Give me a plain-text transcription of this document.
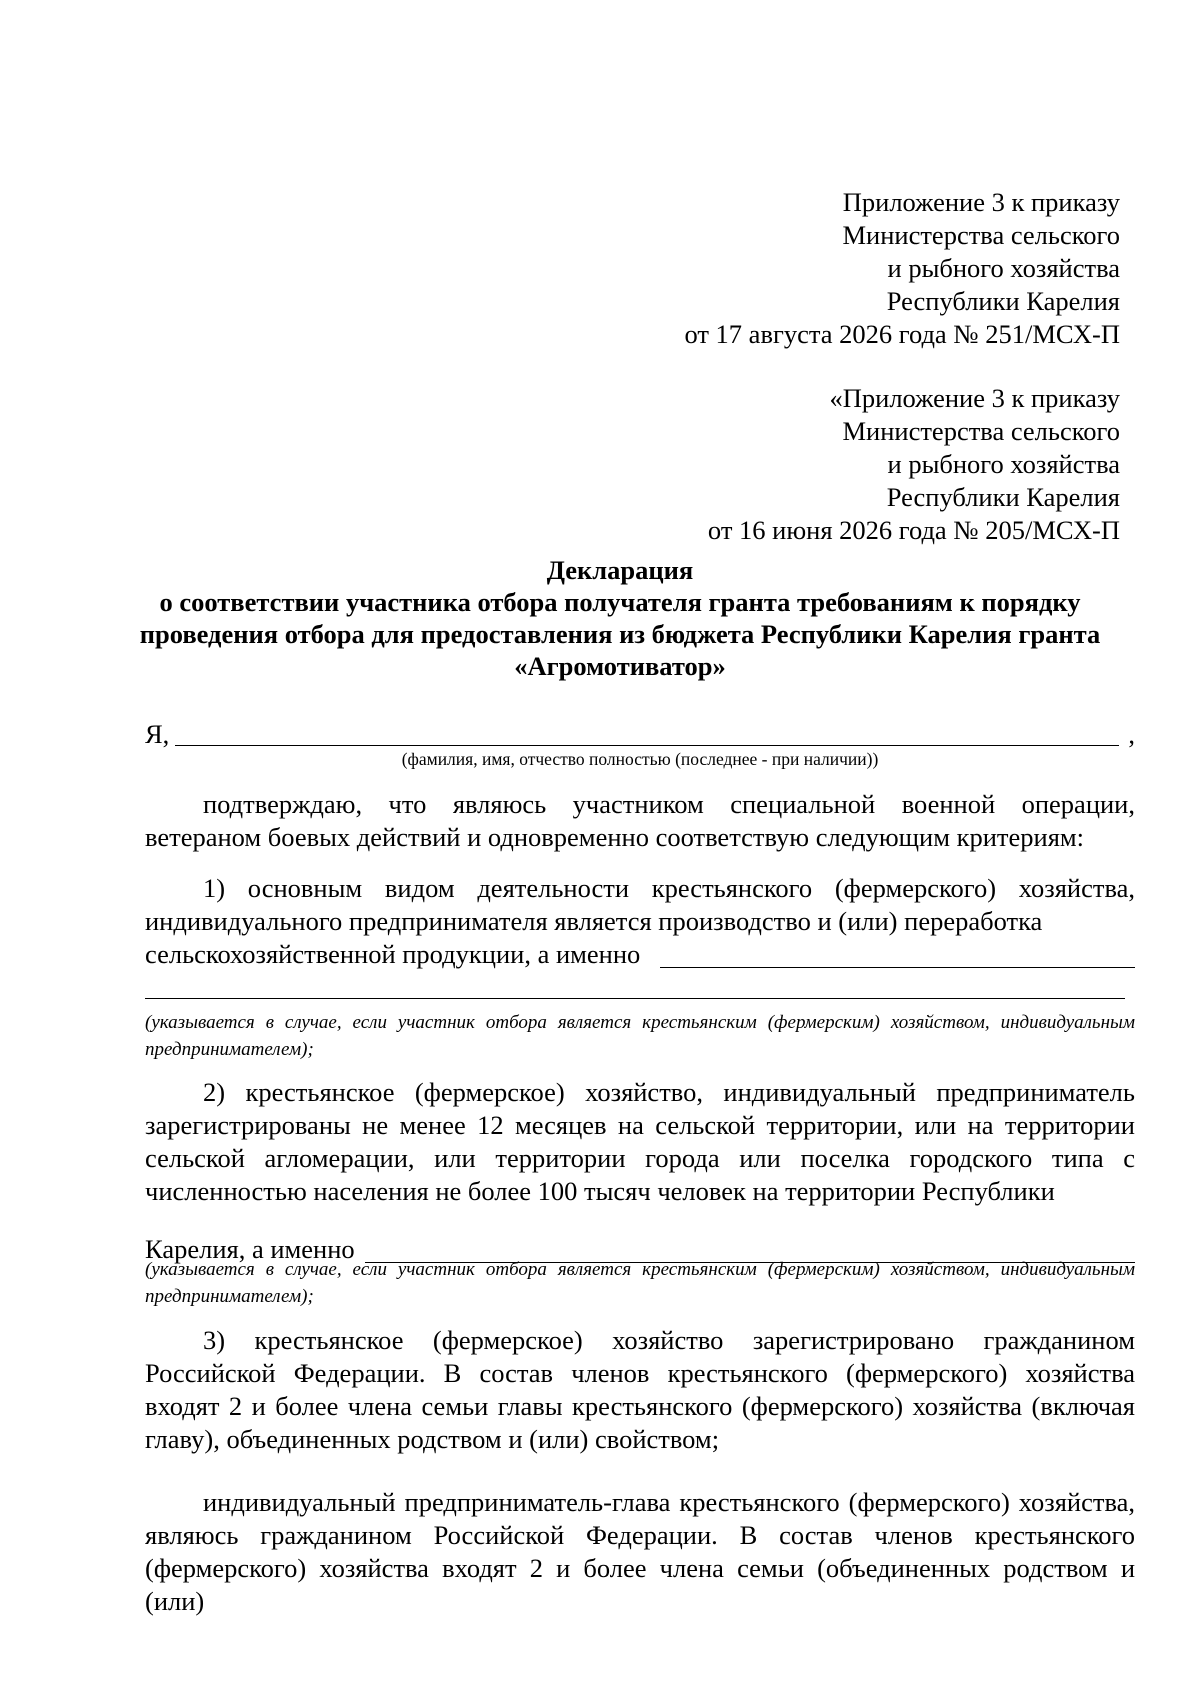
Приложение 3 к приказу
Министерства сельского
и рыбного хозяйства
Республики Карелия
от 17 августа 2026 года № 251/МСХ-П
«Приложение 3 к приказу
Министерства сельского
и рыбного хозяйства
Республики Карелия
от 16 июня 2026 года № 205/МСХ-П
Декларация
о соответствии участника отбора получателя гранта требованиям к порядку проведения отбора для предоставления из бюджета Республики Карелия гранта «Агромотиватор»
Я,	,
(фамилия, имя, отчество полностью (последнее - при наличии))
подтверждаю, что являюсь участником специальной военной операции, ветераном боевых действий и одновременно соответствую следующим критериям:
1) основным видом деятельности крестьянского (фермерского) хозяйства, индивидуального предпринимателя является производство и (или) переработка
сельскохозяйственной продукции, а именно
(указывается в случае, если участник отбора является крестьянским (фермерским) хозяйством, индивидуальным предпринимателем);
2) крестьянское (фермерское) хозяйство, индивидуальный предприниматель зарегистрированы не менее 12 месяцев на сельской территории, или на территории сельской агломерации, или территории города или поселка городского типа с численностью населения не более 100 тысяч человек на территории Республики
Карелия, а именно
(указывается в случае, если участник отбора является крестьянским (фермерским) хозяйством, индивидуальным предпринимателем);
3) крестьянское (фермерское) хозяйство зарегистрировано гражданином Российской Федерации. В состав членов крестьянского (фермерского) хозяйства входят 2 и более члена семьи главы крестьянского (фермерского) хозяйства (включая главу), объединенных родством и (или) свойством;
индивидуальный предприниматель-глава крестьянского (фермерского) хозяйства, являюсь гражданином Российской Федерации. В состав членов крестьянского (фермерского) хозяйства входят 2 и более члена семьи (объединенных родством и (или)
